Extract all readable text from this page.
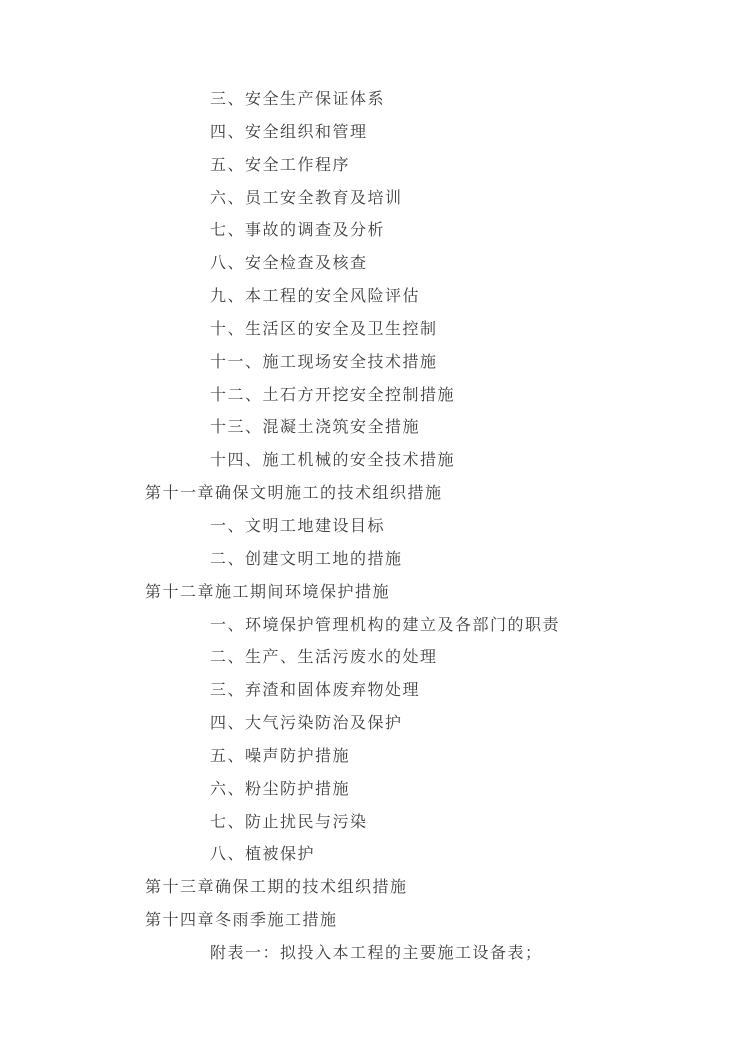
三、安全生产保证体系
四、安全组织和管理
五、安全工作程序
六、员工安全教育及培训
七、事故的调查及分析
八、安全检查及核查
九、本工程的安全风险评估
十、生活区的安全及卫生控制
十一、施工现场安全技术措施
十二、土石方开挖安全控制措施
十三、混凝土浇筑安全措施
十四、施工机械的安全技术措施
第十一章确保文明施工的技术组织措施
一、文明工地建设目标
二、创建文明工地的措施
第十二章施工期间环境保护措施
一、环境保护管理机构的建立及各部门的职责
二、生产、生活污废水的处理
三、弃渣和固体废弃物处理
四、大气污染防治及保护
五、噪声防护措施
六、粉尘防护措施
七、防止扰民与污染
八、植被保护
第十三章确保工期的技术组织措施
第十四章冬雨季施工措施
附表一：拟投入本工程的主要施工设备表；
